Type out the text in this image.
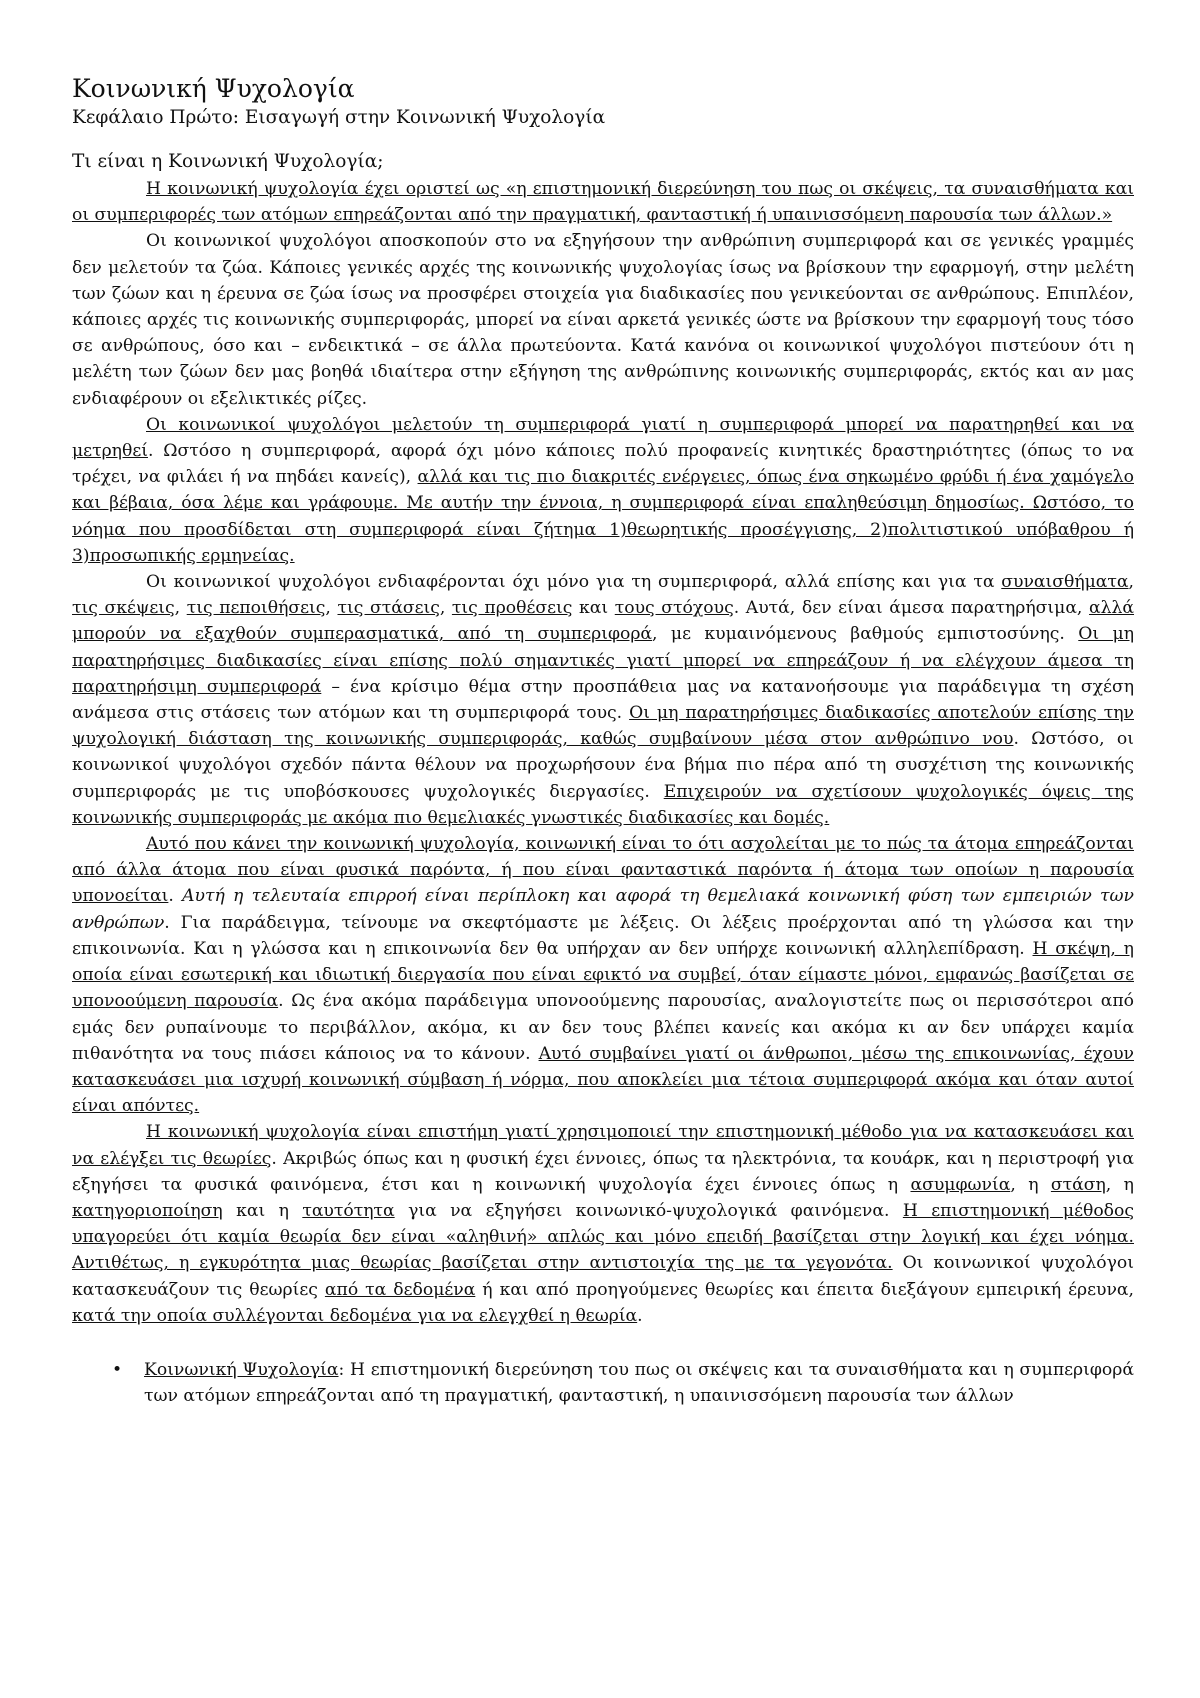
Κοινωνική Ψυχολογία
Κεφάλαιο Πρώτο: Εισαγωγή στην Κοινωνική Ψυχολογία
Τι είναι η Κοινωνική Ψυχολογία;

Η κοινωνική ψυχολογία έχει οριστεί ως «η επιστημονική διερεύνηση του πως οι σκέψεις, τα συναισθήματα και οι συμπεριφορές των ατόμων επηρεάζονται από την πραγματική, φανταστική ή υπαινισσόμενη παρουσία των άλλων.»

Οι κοινωνικοί ψυχολόγοι αποσκοπούν στο να εξηγήσουν την ανθρώπινη συμπεριφορά και σε γενικές γραμμές δεν μελετούν τα ζώα. Κάποιες γενικές αρχές της κοινωνικής ψυχολογίας ίσως να βρίσκουν την εφαρμογή, στην μελέτη των ζώων και η έρευνα σε ζώα ίσως να προσφέρει στοιχεία για διαδικασίες που γενικεύονται σε ανθρώπους. Επιπλέον, κάποιες αρχές τις κοινωνικής συμπεριφοράς, μπορεί να είναι αρκετά γενικές ώστε να βρίσκουν την εφαρμογή τους τόσο σε ανθρώπους, όσο και – ενδεικτικά – σε άλλα πρωτεύοντα. Κατά κανόνα οι κοινωνικοί ψυχολόγοι πιστεύουν ότι η μελέτη των ζώων δεν μας βοηθά ιδιαίτερα στην εξήγηση της ανθρώπινης κοινωνικής συμπεριφοράς, εκτός και αν μας ενδιαφέρουν οι εξελικτικές ρίζες.

Οι κοινωνικοί ψυχολόγοι μελετούν τη συμπεριφορά γιατί η συμπεριφορά μπορεί να παρατηρηθεί και να μετρηθεί. Ωστόσο η συμπεριφορά, αφορά όχι μόνο κάποιες πολύ προφανείς κινητικές δραστηριότητες (όπως το να τρέχει, να φιλάει ή να πηδάει κανείς), αλλά και τις πιο διακριτές ενέργειες, όπως ένα σηκωμένο φρύδι ή ένα χαμόγελο και βέβαια, όσα λέμε και γράφουμε. Με αυτήν την έννοια, η συμπεριφορά είναι επαληθεύσιμη δημοσίως. Ωστόσο, το νόημα που προσδίδεται στη συμπεριφορά είναι ζήτημα 1)θεωρητικής προσέγγισης, 2)πολιτιστικού υπόβαθρου ή 3)προσωπικής ερμηνείας.

Οι κοινωνικοί ψυχολόγοι ενδιαφέρονται όχι μόνο για τη συμπεριφορά, αλλά επίσης και για τα συναισθήματα, τις σκέψεις, τις πεποιθήσεις, τις στάσεις, τις προθέσεις και τους στόχους. Αυτά, δεν είναι άμεσα παρατηρήσιμα, αλλά μπορούν να εξαχθούν συμπερασματικά, από τη συμπεριφορά, με κυμαινόμενους βαθμούς εμπιστοσύνης. Οι μη παρατηρήσιμες διαδικασίες είναι επίσης πολύ σημαντικές γιατί μπορεί να επηρεάζουν ή να ελέγχουν άμεσα τη παρατηρήσιμη συμπεριφορά – ένα κρίσιμο θέμα στην προσπάθεια μας να κατανοήσουμε για παράδειγμα τη σχέση ανάμεσα στις στάσεις των ατόμων και τη συμπεριφορά τους. Οι μη παρατηρήσιμες διαδικασίες αποτελούν επίσης την ψυχολογική διάσταση της κοινωνικής συμπεριφοράς, καθώς συμβαίνουν μέσα στον ανθρώπινο νου. Ωστόσο, οι κοινωνικοί ψυχολόγοι σχεδόν πάντα θέλουν να προχωρήσουν ένα βήμα πιο πέρα από τη συσχέτιση της κοινωνικής συμπεριφοράς με τις υποβόσκουσες ψυχολογικές διεργασίες. Επιχειρούν να σχετίσουν ψυχολογικές όψεις της κοινωνικής συμπεριφοράς με ακόμα πιο θεμελιακές γνωστικές διαδικασίες και δομές.

Αυτό που κάνει την κοινωνική ψυχολογία, κοινωνική είναι το ότι ασχολείται με το πώς τα άτομα επηρεάζονται από άλλα άτομα που είναι φυσικά παρόντα, ή που είναι φανταστικά παρόντα ή άτομα των οποίων η παρουσία υπονοείται. Αυτή η τελευταία επιρροή είναι περίπλοκη και αφορά τη θεμελιακά κοινωνική φύση των εμπειριών των ανθρώπων. Για παράδειγμα, τείνουμε να σκεφτόμαστε με λέξεις. Οι λέξεις προέρχονται από τη γλώσσα και την επικοινωνία. Και η γλώσσα και η επικοινωνία δεν θα υπήρχαν αν δεν υπήρχε κοινωνική αλληλεπίδραση. Η σκέψη, η οποία είναι εσωτερική και ιδιωτική διεργασία που είναι εφικτό να συμβεί, όταν είμαστε μόνοι, εμφανώς βασίζεται σε υπονοούμενη παρουσία. Ως ένα ακόμα παράδειγμα υπονοούμενης παρουσίας, αναλογιστείτε πως οι περισσότεροι από εμάς δεν ρυπαίνουμε το περιβάλλον, ακόμα, κι αν δεν τους βλέπει κανείς και ακόμα κι αν δεν υπάρχει καμία πιθανότητα να τους πιάσει κάποιος να το κάνουν. Αυτό συμβαίνει γιατί οι άνθρωποι, μέσω της επικοινωνίας, έχουν κατασκευάσει μια ισχυρή κοινωνική σύμβαση ή νόρμα, που αποκλείει μια τέτοια συμπεριφορά ακόμα και όταν αυτοί είναι απόντες.

Η κοινωνική ψυχολογία είναι επιστήμη γιατί χρησιμοποιεί την επιστημονική μέθοδο για να κατασκευάσει και να ελέγξει τις θεωρίες. Ακριβώς όπως και η φυσική έχει έννοιες, όπως τα ηλεκτρόνια, τα κουάρκ, και η περιστροφή για εξηγήσει τα φυσικά φαινόμενα, έτσι και η κοινωνική ψυχολογία έχει έννοιες όπως η ασυμφωνία, η στάση, η κατηγοριοποίηση και η ταυτότητα για να εξηγήσει κοινωνικό-ψυχολογικά φαινόμενα. Η επιστημονική μέθοδος υπαγορεύει ότι καμία θεωρία δεν είναι «αληθινή» απλώς και μόνο επειδή βασίζεται στην λογική και έχει νόημα. Αντιθέτως, η εγκυρότητα μιας θεωρίας βασίζεται στην αντιστοιχία της με τα γεγονότα. Οι κοινωνικοί ψυχολόγοι κατασκευάζουν τις θεωρίες από τα δεδομένα ή και από προηγούμενες θεωρίες και έπειτα διεξάγουν εμπειρική έρευνα, κατά την οποία συλλέγονται δεδομένα για να ελεγχθεί η θεωρία.

• Κοινωνική Ψυχολογία: Η επιστημονική διερεύνηση του πως οι σκέψεις και τα συναισθήματα και η συμπεριφορά των ατόμων επηρεάζονται από τη πραγματική, φανταστική, η υπαινισσόμενη παρουσία των άλλων
